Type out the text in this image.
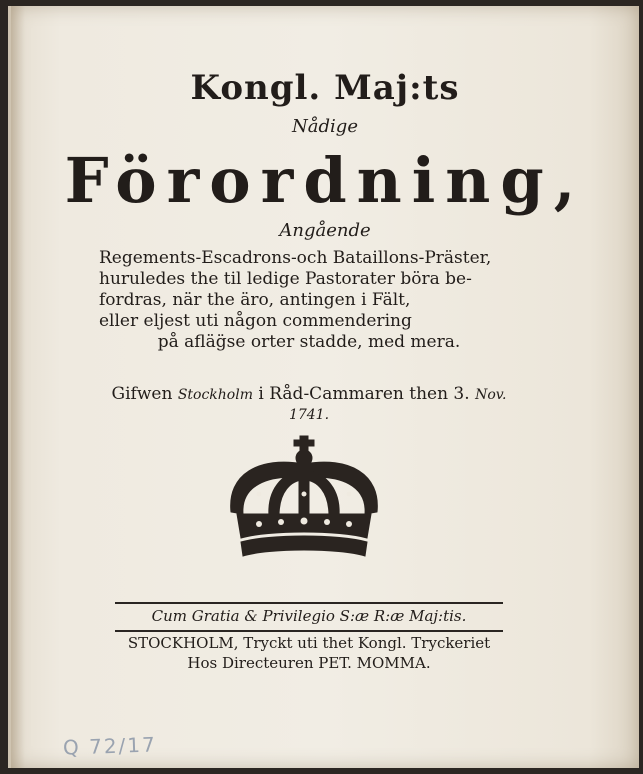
Kongl. Maj:ts
Nådige
Förordning,
Angående
Regements-Escadrons-och Bataillons-Präster,
huruledes the til ledige Pastorater böra be-
fordras, när the äro, antingen i Fält,
eller eljest uti någon commendering
på afläg̈se orter stadde, med mera.
Gifwen Stockholm i Råd-Cammaren then 3. Nov. 1741.
Cum Gratia & Privilegio S:æ R:æ Maj:tis.
STOCKHOLM, Tryckt uti thet Kongl. Tryckeriet
Hos Directeuren PET. MOMMA.
Q 72/17
